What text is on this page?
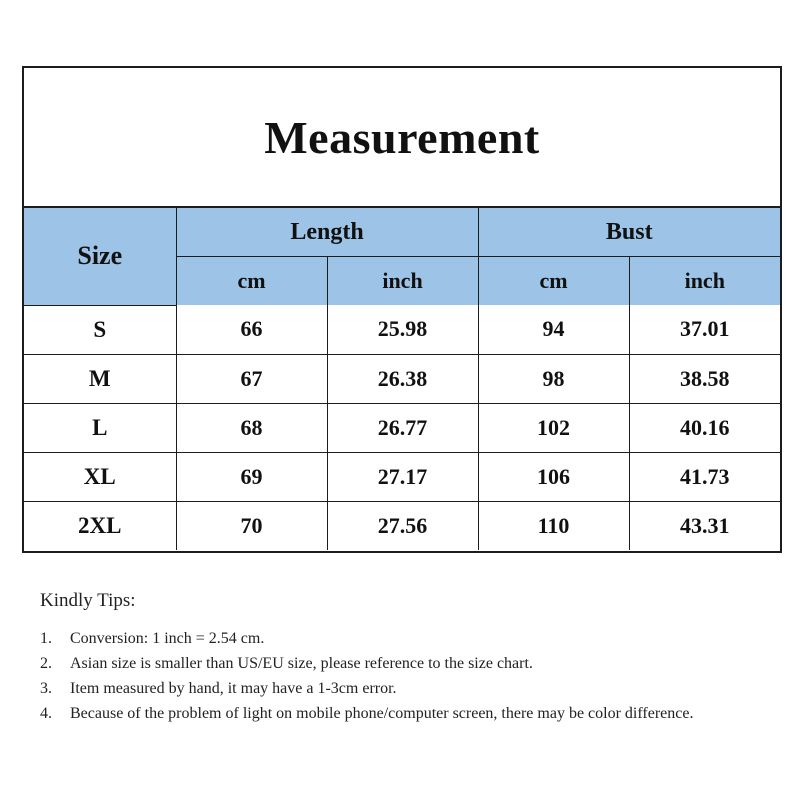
Measurement
Size	Length		Bust	
	cm	inch	cm	inch
S	66	25.98	94	37.01
M	67	26.38	98	38.58
L	68	26.77	102	40.16
XL	69	27.17	106	41.73
2XL	70	27.56	110	43.31
Kindly Tips:
1.	Conversion: 1 inch = 2.54 cm.
2.	Asian size is smaller than US/EU size, please reference to the size chart.
3.	Item measured by hand, it may have a 1-3cm error.
4.	Because of the problem of light on mobile phone/computer screen, there may be color difference.
